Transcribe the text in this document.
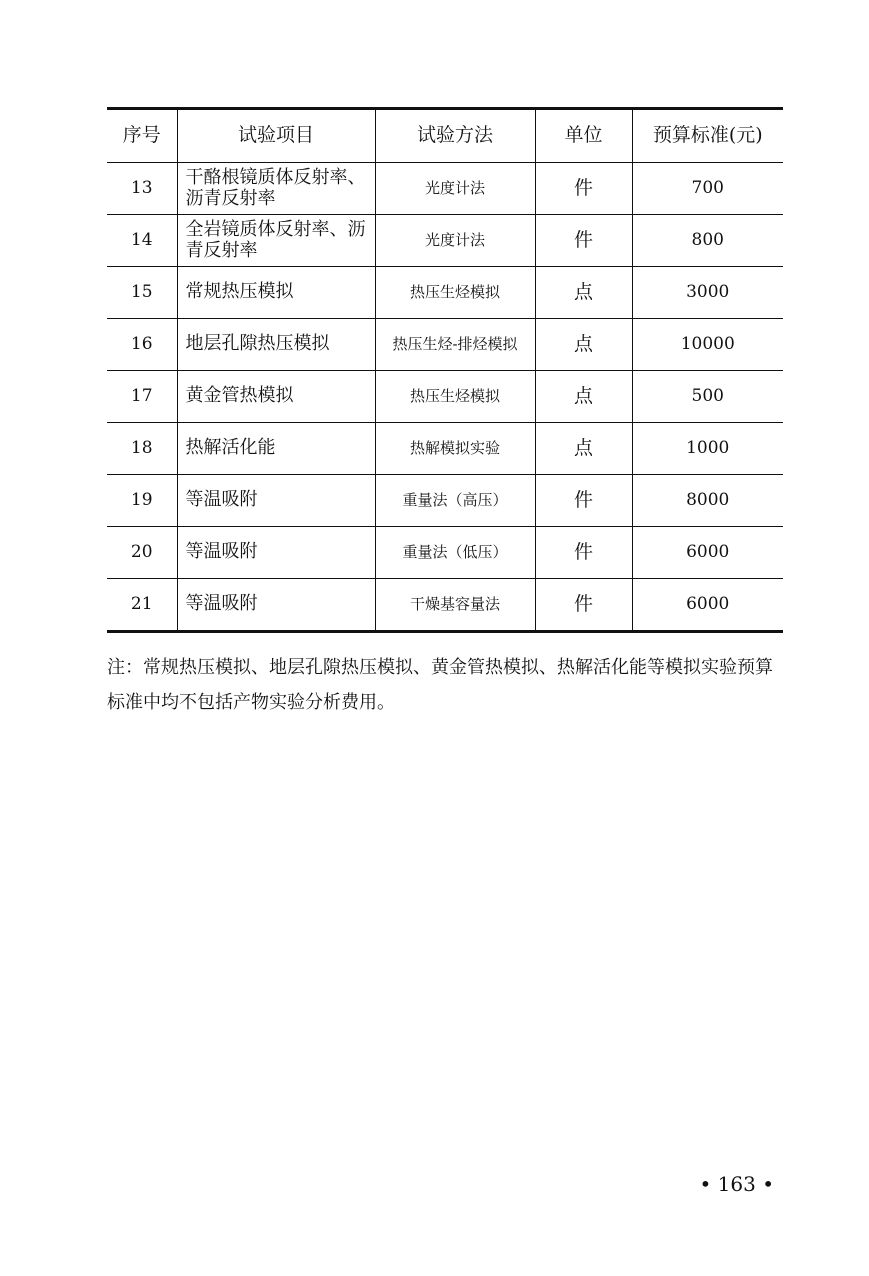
序号	试验项目	试验方法	单位	预算标准(元)
13	干酪根镜质体反射率、沥青反射率	光度计法	件	700
14	全岩镜质体反射率、沥青反射率	光度计法	件	800
15	常规热压模拟	热压生烃模拟	点	3000
16	地层孔隙热压模拟	热压生烃-排烃模拟	点	10000
17	黄金管热模拟	热压生烃模拟	点	500
18	热解活化能	热解模拟实验	点	1000
19	等温吸附	重量法（高压）	件	8000
20	等温吸附	重量法（低压）	件	6000
21	等温吸附	干燥基容量法	件	6000

注：常规热压模拟、地层孔隙热压模拟、黄金管热模拟、热解活化能等模拟实验预算标准中均不包括产物实验分析费用。

• 163 •
